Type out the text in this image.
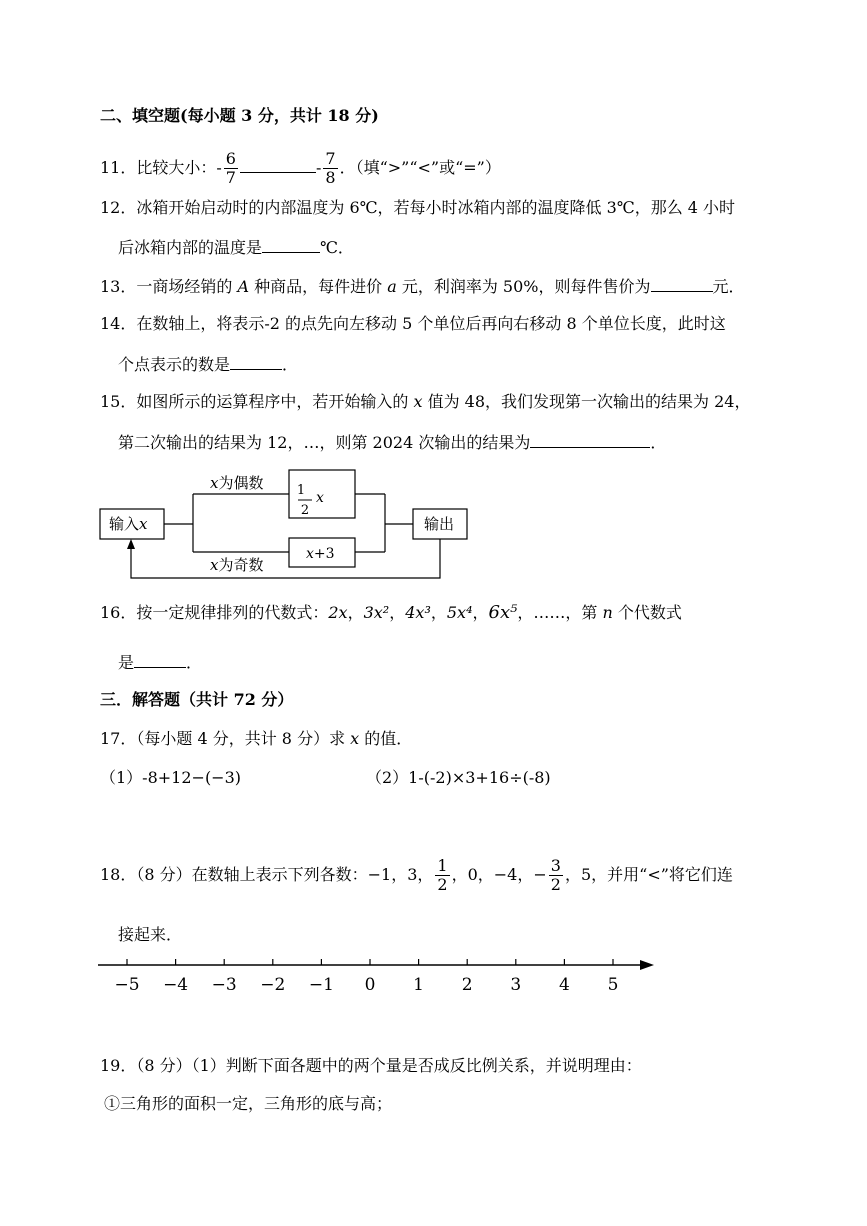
二、填空题(每小题 3 分，共计 18 分)
11．比较大小：- $\frac{6}{7}$	- $\frac{7}{8}$ ．（填“>”“<”或“=”）
12．冰箱开始启动时的内部温度为 6℃，若每小时冰箱内部的温度降低 3℃，那么 4 小时
后冰箱内部的温度是	℃．
13．一商场经销的 A 种商品，每件进价 a 元，利润率为 50%，则每件售价为	元．
14．在数轴上，将表示-2 的点先向左移动 5 个单位后再向右移动 8 个单位长度，此时这
个点表示的数是	．
15．如图所示的运算程序中，若开始输入的 x 值为 48，我们发现第一次输出的结果为 24，
第二次输出的结果为 12，…，则第 2024 次输出的结果为	．
输入x
x为偶数
x为奇数
1
2
x
x+3
输出
16．按一定规律排列的代数式：2x，3x²，4x³，5x⁴，6x⁵，……，第 n 个代数式
是	．
三．解答题（共计 72 分）
17．（每小题 4 分，共计 8 分）求 x 的值．
（1）-8+12−(−3)	（2）1-(-2)×3+16÷(-8)
18．（8 分）在数轴上表示下列各数：−1，3， $\frac{1}{2}$ ，0，−4，− $\frac{3}{2}$ ，5，并用“<”将它们连
接起来．
−5 −4 −3 −2 −1 0 1 2 3 4 5
19．（8 分）（1）判断下面各题中的两个量是否成反比例关系，并说明理由：
①三角形的面积一定，三角形的底与高；
